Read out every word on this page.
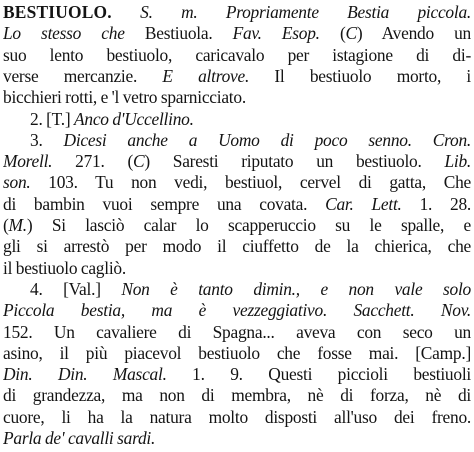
BESTIUOLO. S. m. Propriamente Bestia piccola.
Lo stesso che Bestiuola. Fav. Esop. (C) Avendo un
suo lento bestiuolo, caricavalo per istagione di di-
verse mercanzie. E altrove. Il bestiuolo morto, i
bicchieri rotti, e 'l vetro sparnicciato.
2. [T.] Anco d'Uccellino.
3. Dicesi anche a Uomo di poco senno. Cron.
Morell. 271. (C) Saresti riputato un bestiuolo. Lib.
son. 103. Tu non vedi, bestiuol, cervel di gatta, Che
di bambin vuoi sempre una covata. Car. Lett. 1. 28.
(M.) Si lasciò calar lo scapperuccio su le spalle, e
gli si arrestò per modo il ciuffetto de la chierica, che
il bestiuolo cagliò.
4. [Val.] Non è tanto dimin., e non vale solo
Piccola bestia, ma è vezzeggiativo. Sacchett. Nov.
152. Un cavaliere di Spagna... aveva con seco un
asino, il più piacevol bestiuolo che fosse mai. [Camp.]
Din. Din. Mascal. 1. 9. Questi piccioli bestiuoli
di grandezza, ma non di membra, nè di forza, nè di
cuore, li ha la natura molto disposti all'uso dei freno.
Parla de' cavalli sardi.
